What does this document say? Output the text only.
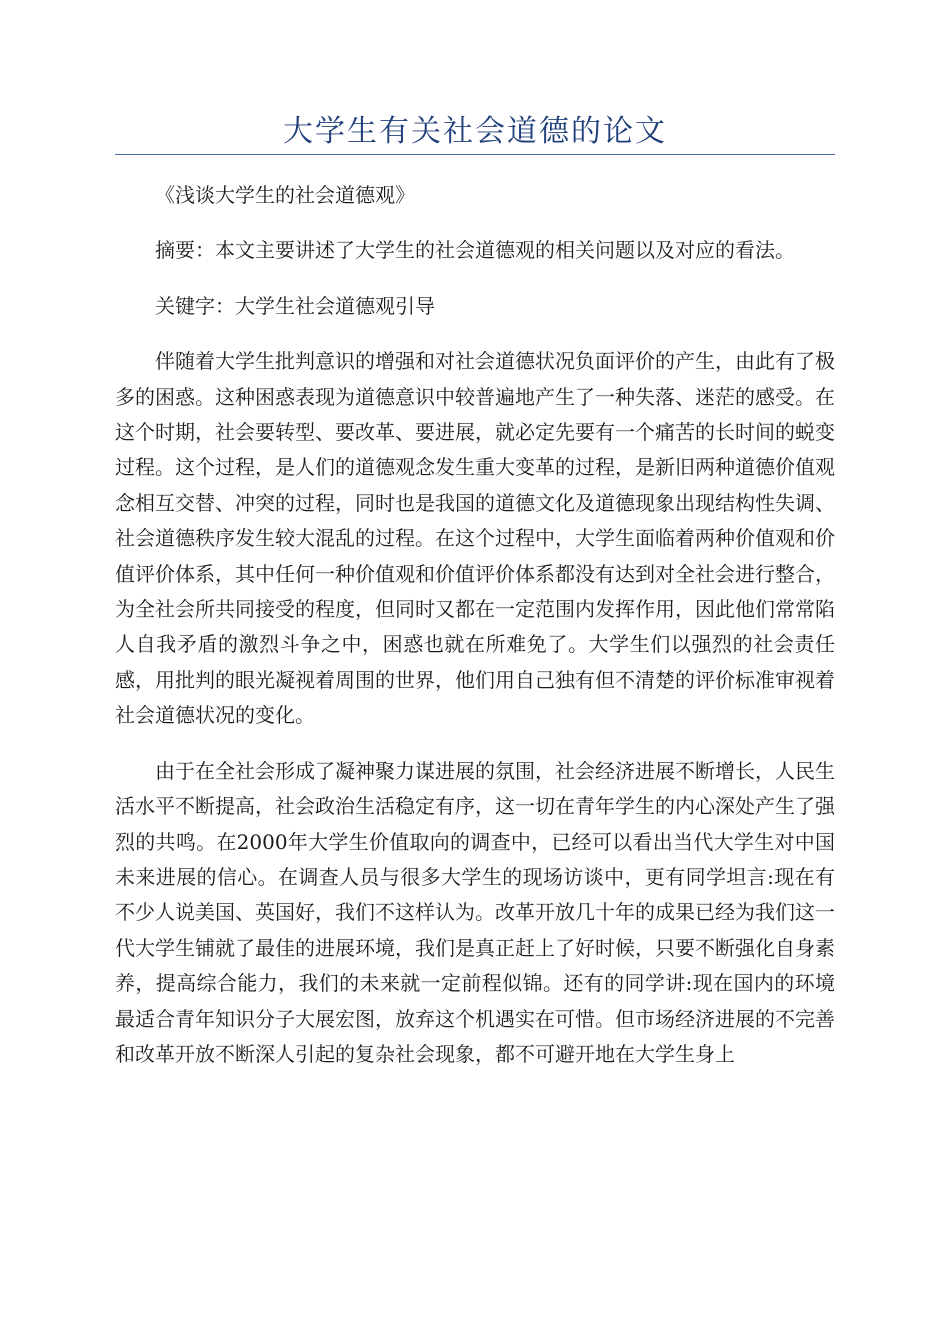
大学生有关社会道德的论文

《浅谈大学生的社会道德观》

摘要：本文主要讲述了大学生的社会道德观的相关问题以及对应的看法。

关键字：大学生社会道德观引导

伴随着大学生批判意识的增强和对社会道德状况负面评价的产生，由此有了极多的困惑。这种困惑表现为道德意识中较普遍地产生了一种失落、迷茫的感受。在这个时期，社会要转型、要改革、要进展，就必定先要有一个痛苦的长时间的蜕变过程。这个过程，是人们的道德观念发生重大变革的过程，是新旧两种道德价值观念相互交替、冲突的过程，同时也是我国的道德文化及道德现象出现结构性失调、社会道德秩序发生较大混乱的过程。在这个过程中，大学生面临着两种价值观和价值评价体系，其中任何一种价值观和价值评价体系都没有达到对全社会进行整合，为全社会所共同接受的程度，但同时又都在一定范围内发挥作用，因此他们常常陷人自我矛盾的激烈斗争之中，困惑也就在所难免了。大学生们以强烈的社会责任感，用批判的眼光凝视着周围的世界，他们用自己独有但不清楚的评价标准审视着社会道德状况的变化。

由于在全社会形成了凝神聚力谋进展的氛围，社会经济进展不断增长，人民生活水平不断提高，社会政治生活稳定有序，这一切在青年学生的内心深处产生了强烈的共鸣。在2000年大学生价值取向的调查中，已经可以看出当代大学生对中国未来进展的信心。在调查人员与很多大学生的现场访谈中，更有同学坦言:现在有不少人说美国、英国好，我们不这样认为。改革开放几十年的成果已经为我们这一代大学生铺就了最佳的进展环境，我们是真正赶上了好时候，只要不断强化自身素养，提高综合能力，我们的未来就一定前程似锦。还有的同学讲:现在国内的环境最适合青年知识分子大展宏图，放弃这个机遇实在可惜。但市场经济进展的不完善和改革开放不断深人引起的复杂社会现象，都不可避开地在大学生身上
